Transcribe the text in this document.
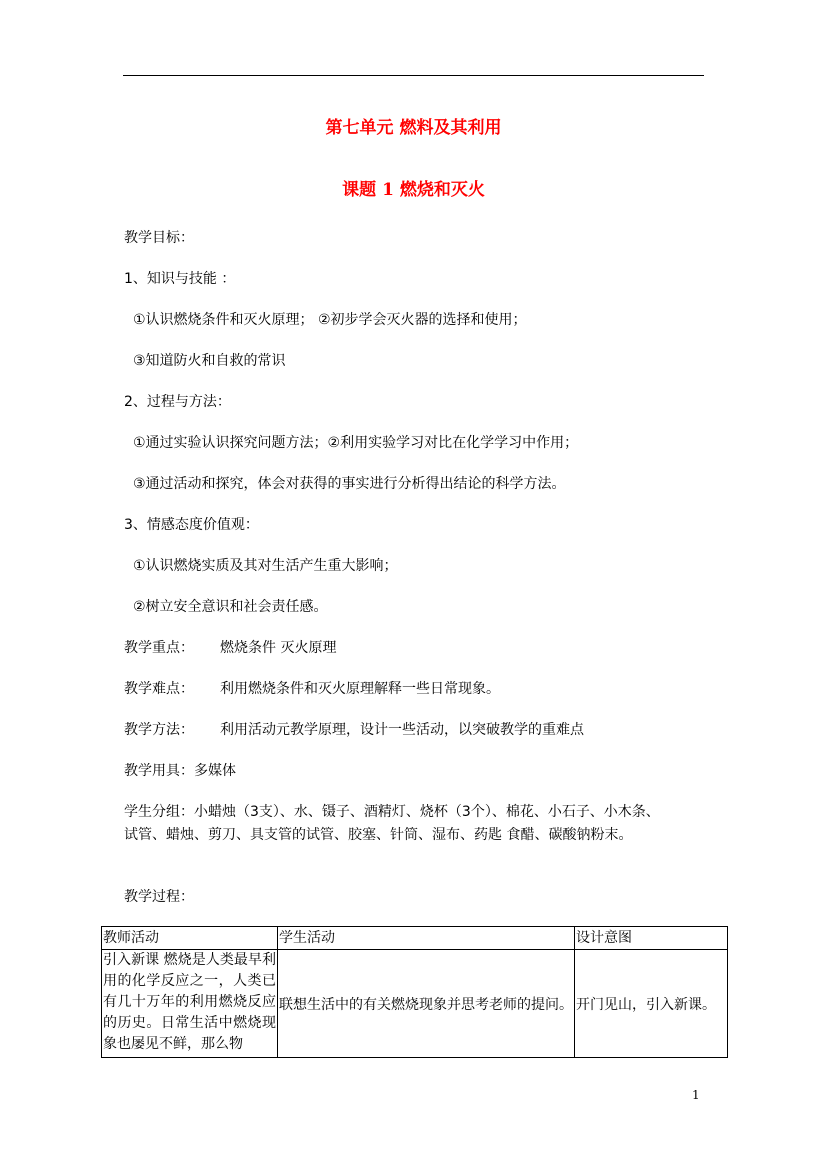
第七单元 燃料及其利用
课题 1 燃烧和灭火
教学目标：
1、知识与技能 ：
①认识燃烧条件和灭火原理； ②初步学会灭火器的选择和使用；
③知道防火和自救的常识
2、过程与方法：
①通过实验认识探究问题方法；②利用实验学习对比在化学学习中作用；
③通过活动和探究，体会对获得的事实进行分析得出结论的科学方法。
3、情感态度价值观：
①认识燃烧实质及其对生活产生重大影响；
②树立安全意识和社会责任感。
教学重点： 燃烧条件 灭火原理
教学难点： 利用燃烧条件和灭火原理解释一些日常现象。
教学方法： 利用活动元教学原理，设计一些活动，以突破教学的重难点
教学用具：多媒体
学生分组：小蜡烛（3支）、水、镊子、酒精灯、烧杯（3个）、棉花、小石子、小木条、
试管、蜡烛、剪刀、具支管的试管、胶塞、针筒、湿布、药匙 食醋、碳酸钠粉末。
教学过程：
教师活动	学生活动	设计意图
引入新课 燃烧是人类最早利用的化学反应之一，人类已有几十万年的利用燃烧反应的历史。日常生活中燃烧现象也屡见不鲜，那么物	联想生活中的有关燃烧现象并思考老师的提问。	开门见山，引入新课。
1
